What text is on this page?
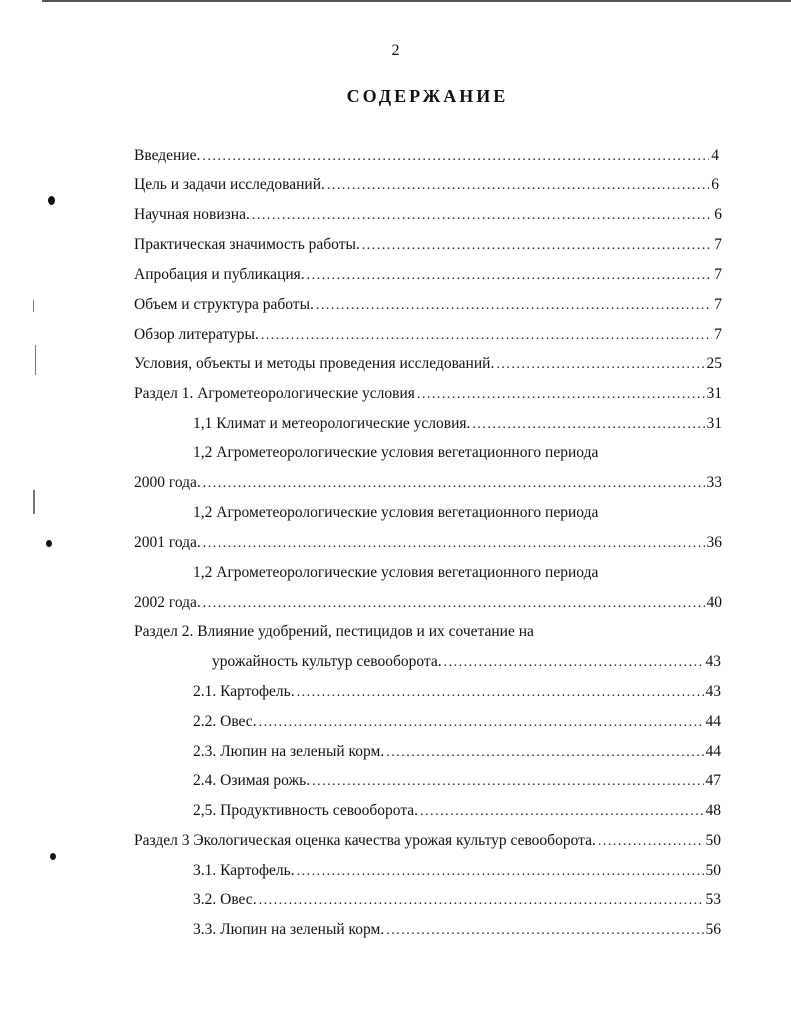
2
СОДЕРЖАНИЕ
Введение. . . .	4
Цель и задачи исследований. . . .	6
Научная новизна. . . .	6
Практическая значимость работы. . . .	7
Апробация и публикация. . . .	7
Объем и структура работы. . . .	7
Обзор литературы. . . .	7
Условия, объекты и методы проведения исследований. . . .	25
Раздел 1. Агрометеорологические условия . . .	31
1,1 Климат и метеорологические условия. . . .	31
1,2 Агрометеорологические условия вегетационного периода
2000 года. . . .	33
1,2 Агрометеорологические условия вегетационного периода
2001 года. . . .	36
1,2 Агрометеорологические условия вегетационного периода
2002 года. . . .	40
Раздел 2. Влияние удобрений, пестицидов и их сочетание на
урожайность культур севооборота. . . .	43
2.1. Картофель. . . .	43
2.2. Овес. . . .	44
2.3. Люпин на зеленый корм. . . .	44
2.4. Озимая рожь. . . .	47
2,5. Продуктивность севооборота. . . .	48
Раздел 3 Экологическая оценка качества урожая культур севооборота. . . .	50
3.1. Картофель. . . .	50
3.2. Овес. . . .	53
3.3. Люпин на зеленый корм. . . .	56
